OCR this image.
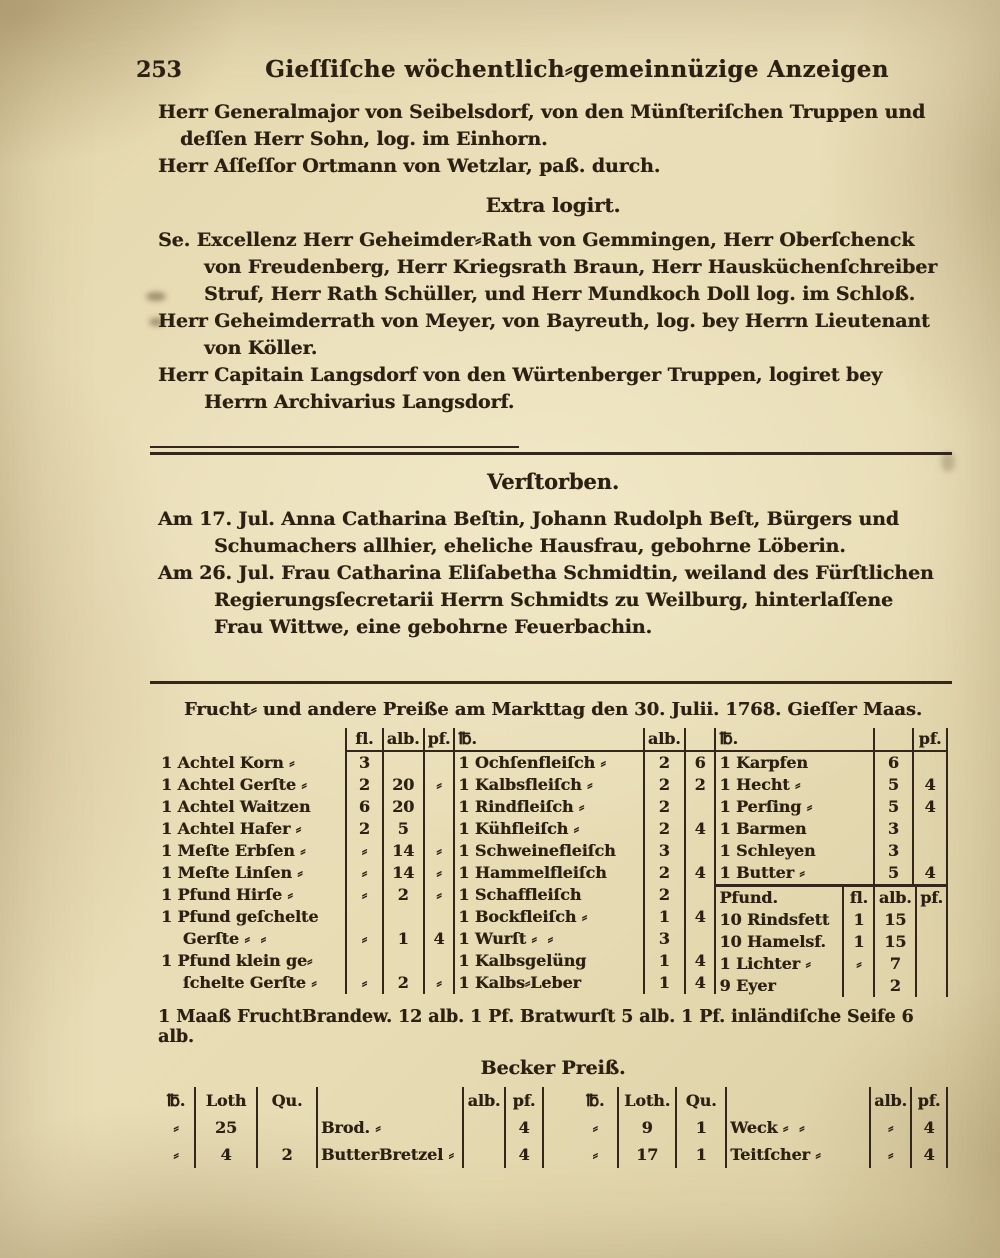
253	Gieſſiſche wöchentlich⸗gemeinnüzige Anzeigen

Herr Generalmajor von Seibelsdorf, von den Münſteriſchen Truppen und deſſen Herr Sohn, log. im Einhorn.

Herr Aſſeſſor Ortmann von Wetzlar, paß. durch.

Extra logirt.

Se. Excellenz Herr Geheimder⸗Rath von Gemmingen, Herr Oberſchenck von Freudenberg, Herr Kriegsrath Braun, Herr Hausküchenſchreiber Struf, Herr Rath Schüller, und Herr Mundkoch Doll log. im Schloß.

Herr Geheimderrath von Meyer, von Bayreuth, log. bey Herrn Lieutenant von Köller.

Herr Capitain Langsdorf von den Würtenberger Truppen, logiret bey Herrn Archivarius Langsdorf.

Verſtorben.

Am 17. Jul. Anna Catharina Beſtin, Johann Rudolph Beſt, Bürgers und Schumachers allhier, eheliche Hausfrau, gebohrne Löberin.

Am 26. Jul. Frau Catharina Eliſabetha Schmidtin, weiland des Fürſtlichen Regierungsſecretarii Herrn Schmidts zu Weilburg, hinterlaſſene Frau Wittwe, eine gebohrne Feuerbachin.

Frucht⸗ und andere Preiße am Markttag den 30. Julii. 1768. Gieſſer Maas.
	fl.	alb.	pf.
1 Achtel Korn ⸗	3		
1 Achtel Gerſte ⸗	2	20	⸗
1 Achtel Waitzen	6	20	
1 Achtel Hafer ⸗	2	5	
1 Meſte Erbſen ⸗	⸗	14	⸗
1 Meſte Linſen ⸗	⸗	14	⸗
1 Pfund Hirſe ⸗	⸗	2	⸗
1 Pfund geſchelte			
Gerſte ⸗  ⸗	⸗	1	4
1 Pfund klein ge⸗			
ſchelte Gerſte ⸗	⸗	2	⸗
℔.	alb.	
1 Ochſenfleiſch ⸗	2	6
1 Kalbsfleiſch ⸗	2	2
1 Rindfleiſch ⸗	2	
1 Kühfleiſch ⸗	2	4
1 Schweinefleiſch	3	
1 Hammelfleiſch	2	4
1 Schaffleiſch	2	
1 Bockfleiſch ⸗	1	4
1 Wurſt ⸗  ⸗	3	
1 Kalbsgelüng	1	4
1 Kalbs⸗Leber	1	4
℔.		pf.
1 Karpfen	6	
1 Hecht ⸗	5	4
1 Perſing ⸗	5	4
1 Barmen	3	
1 Schleyen	3	
1 Butter ⸗	5	4
Pfund.	fl.	alb.	pf.
10 Rindsfett	1	15	
10 Hamelsf.	1	15	
1 Lichter ⸗	⸗	7	
9 Eyer		2	

1 Maaß FruchtBrandew. 12 alb. 1 Pf. Bratwurſt 5 alb. 1 Pf. inländiſche Seife 6 alb.

Becker Preiß.
℔.	Loth	Qu.		alb.	pf.
⸗	25		Brod. ⸗		4
⸗	4	2	ButterBretzel ⸗		4
℔.	Loth.	Qu.		alb.	pf.
⸗	9	1	Weck ⸗  ⸗	⸗	4
⸗	17	1	Teitſcher ⸗	⸗	4
